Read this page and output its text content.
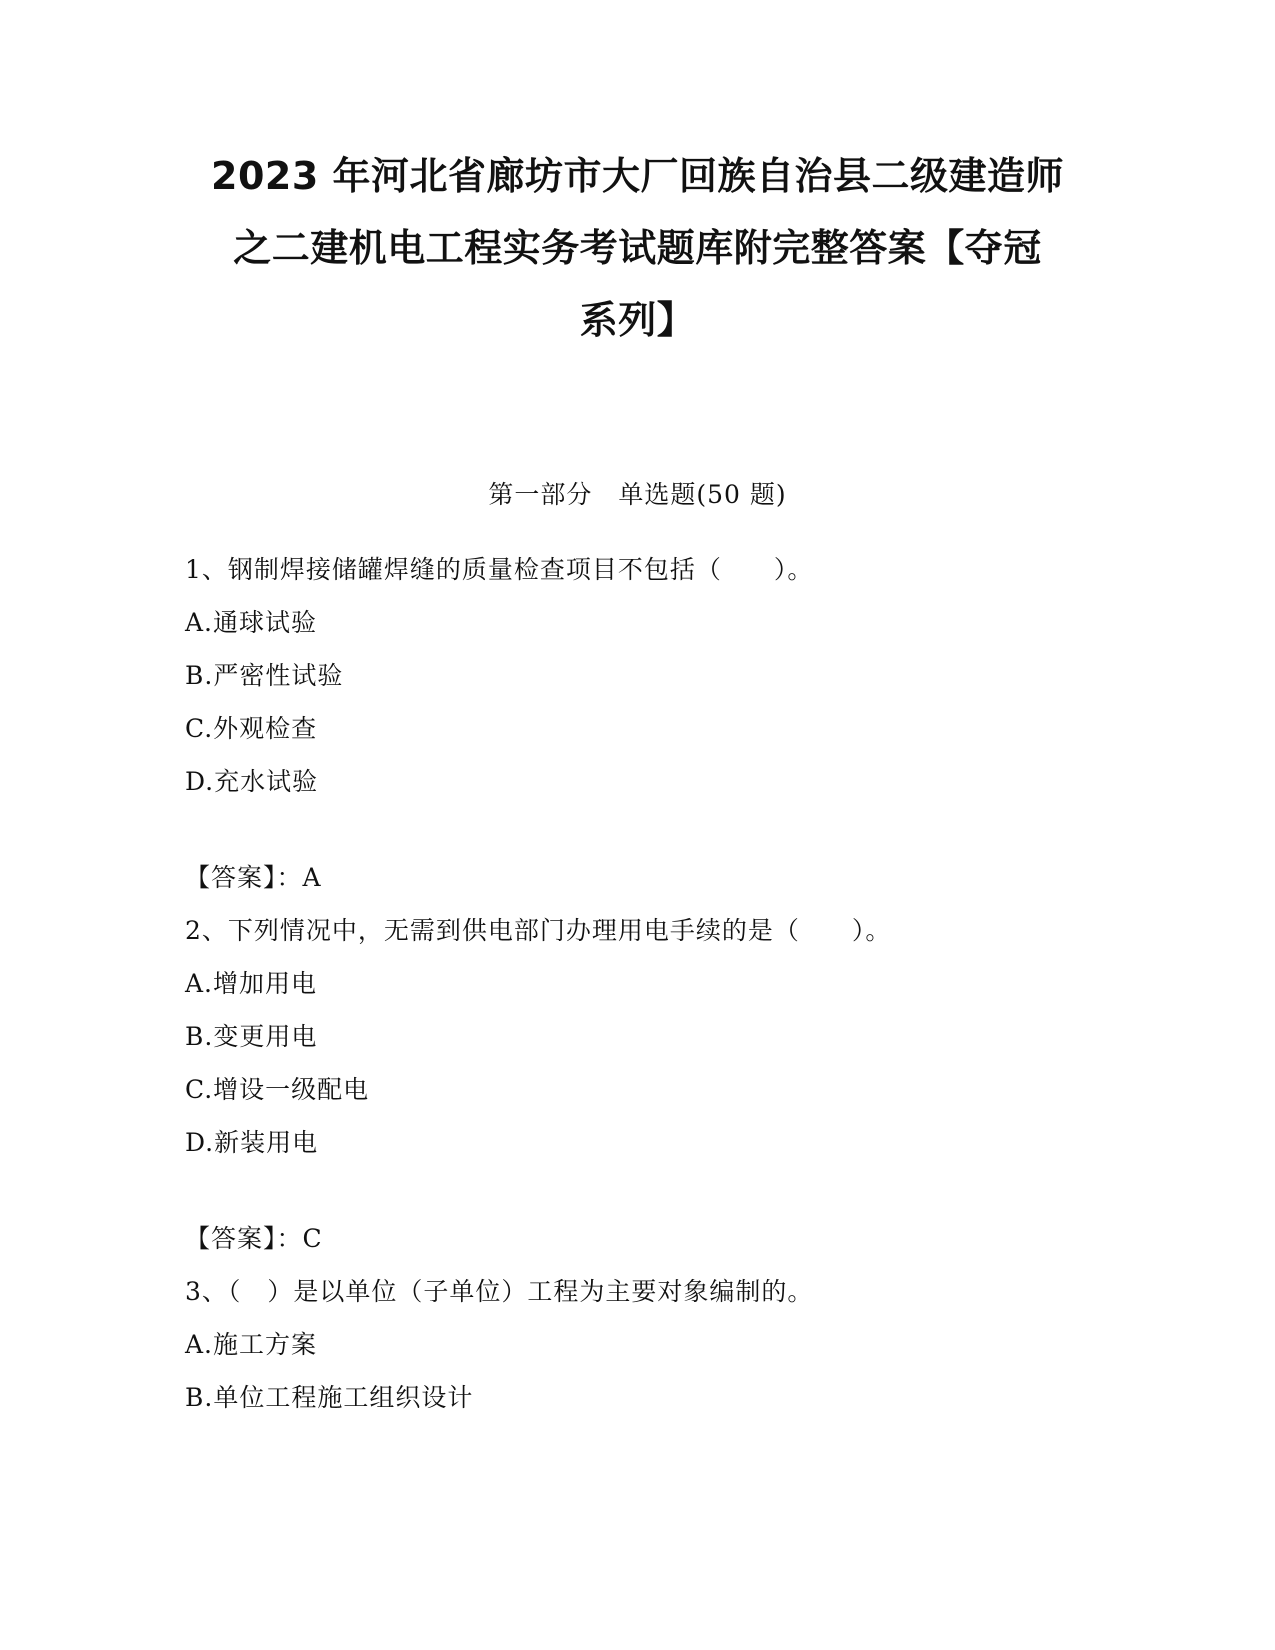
2023 年河北省廊坊市大厂回族自治县二级建造师
之二建机电工程实务考试题库附完整答案【夺冠
系列】
第一部分　单选题(50 题)
1、钢制焊接储罐焊缝的质量检查项目不包括（　　）。
A.通球试验
B.严密性试验
C.外观检查
D.充水试验
【答案】：A
2、下列情况中，无需到供电部门办理用电手续的是（　　）。
A.增加用电
B.变更用电
C.增设一级配电
D.新装用电
【答案】：C
3、（　）是以单位（子单位）工程为主要对象编制的。
A.施工方案
B.单位工程施工组织设计
